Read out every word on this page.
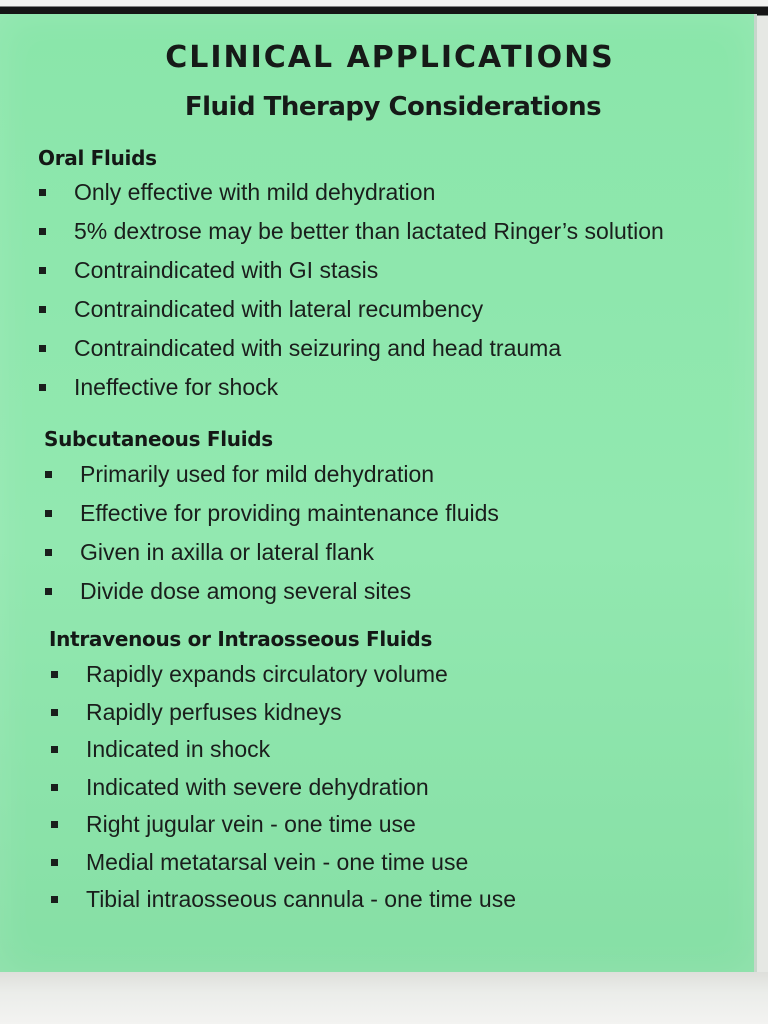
CLINICAL APPLICATIONS
Fluid Therapy Considerations
Oral Fluids
Only effective with mild dehydration
5% dextrose may be better than lactated Ringer’s solution
Contraindicated with GI stasis
Contraindicated with lateral recumbency
Contraindicated with seizuring and head trauma
Ineffective for shock
Subcutaneous Fluids
Primarily used for mild dehydration
Effective for providing maintenance fluids
Given in axilla or lateral flank
Divide dose among several sites
Intravenous or Intraosseous Fluids
Rapidly expands circulatory volume
Rapidly perfuses kidneys
Indicated in shock
Indicated with severe dehydration
Right jugular vein - one time use
Medial metatarsal vein - one time use
Tibial intraosseous cannula - one time use
